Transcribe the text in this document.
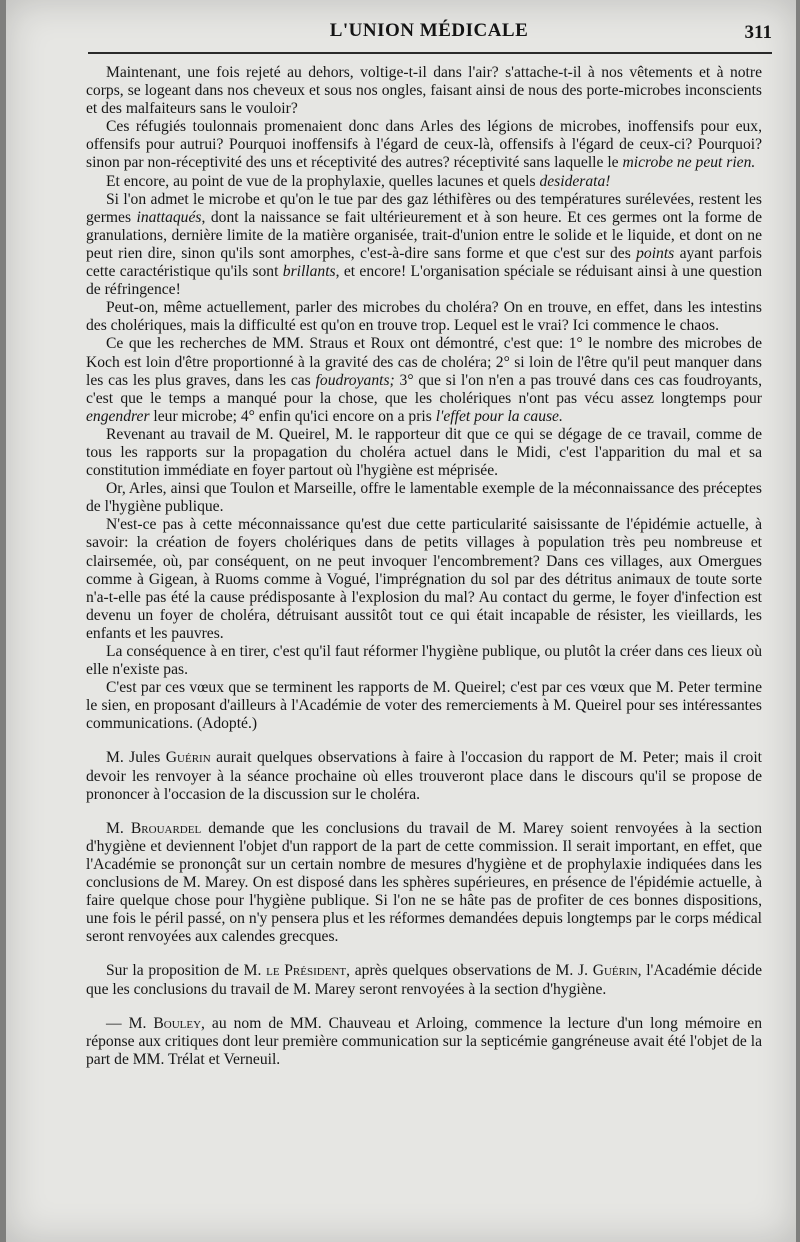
L'UNION MÉDICALE	311

Maintenant, une fois rejeté au dehors, voltige-t-il dans l'air? s'attache-t-il à nos vêtements et à notre corps, se logeant dans nos cheveux et sous nos ongles, faisant ainsi de nous des porte-microbes inconscients et des malfaiteurs sans le vouloir?

Ces réfugiés toulonnais promenaient donc dans Arles des légions de microbes, inoffensifs pour eux, offensifs pour autrui? Pourquoi inoffensifs à l'égard de ceux-là, offensifs à l'égard de ceux-ci? Pourquoi? sinon par non-réceptivité des uns et réceptivité des autres? réceptivité sans laquelle le microbe ne peut rien.

Et encore, au point de vue de la prophylaxie, quelles lacunes et quels desiderata!

Si l'on admet le microbe et qu'on le tue par des gaz léthifères ou des températures surélevées, restent les germes inattaqués, dont la naissance se fait ultérieurement et à son heure. Et ces germes ont la forme de granulations, dernière limite de la matière organisée, trait-d'union entre le solide et le liquide, et dont on ne peut rien dire, sinon qu'ils sont amorphes, c'est-à-dire sans forme et que c'est sur des points ayant parfois cette caractéristique qu'ils sont brillants, et encore! L'organisation spéciale se réduisant ainsi à une question de réfringence!

Peut-on, même actuellement, parler des microbes du choléra? On en trouve, en effet, dans les intestins des cholériques, mais la difficulté est qu'on en trouve trop. Lequel est le vrai? Ici commence le chaos.

Ce que les recherches de MM. Straus et Roux ont démontré, c'est que: 1° le nombre des microbes de Koch est loin d'être proportionné à la gravité des cas de choléra; 2° si loin de l'être qu'il peut manquer dans les cas les plus graves, dans les cas foudroyants; 3° que si l'on n'en a pas trouvé dans ces cas foudroyants, c'est que le temps a manqué pour la chose, que les cholériques n'ont pas vécu assez longtemps pour engendrer leur microbe; 4° enfin qu'ici encore on a pris l'effet pour la cause.

Revenant au travail de M. Queirel, M. le rapporteur dit que ce qui se dégage de ce travail, comme de tous les rapports sur la propagation du choléra actuel dans le Midi, c'est l'apparition du mal et sa constitution immédiate en foyer partout où l'hygiène est méprisée.

Or, Arles, ainsi que Toulon et Marseille, offre le lamentable exemple de la méconnaissance des préceptes de l'hygiène publique.

N'est-ce pas à cette méconnaissance qu'est due cette particularité saisissante de l'épidémie actuelle, à savoir: la création de foyers cholériques dans de petits villages à population très peu nombreuse et clairsemée, où, par conséquent, on ne peut invoquer l'encombrement? Dans ces villages, aux Omergues comme à Gigean, à Ruoms comme à Vogué, l'imprégnation du sol par des détritus animaux de toute sorte n'a-t-elle pas été la cause prédisposante à l'explosion du mal? Au contact du germe, le foyer d'infection est devenu un foyer de choléra, détruisant aussitôt tout ce qui était incapable de résister, les vieillards, les enfants et les pauvres.

La conséquence à en tirer, c'est qu'il faut réformer l'hygiène publique, ou plutôt la créer dans ces lieux où elle n'existe pas.

C'est par ces vœux que se terminent les rapports de M. Queirel; c'est par ces vœux que M. Peter termine le sien, en proposant d'ailleurs à l'Académie de voter des remerciements à M. Queirel pour ses intéressantes communications. (Adopté.)

M. Jules Guérin aurait quelques observations à faire à l'occasion du rapport de M. Peter; mais il croit devoir les renvoyer à la séance prochaine où elles trouveront place dans le discours qu'il se propose de prononcer à l'occasion de la discussion sur le choléra.

M. Brouardel demande que les conclusions du travail de M. Marey soient renvoyées à la section d'hygiène et deviennent l'objet d'un rapport de la part de cette commission. Il serait important, en effet, que l'Académie se prononçât sur un certain nombre de mesures d'hygiène et de prophylaxie indiquées dans les conclusions de M. Marey. On est disposé dans les sphères supérieures, en présence de l'épidémie actuelle, à faire quelque chose pour l'hygiène publique. Si l'on ne se hâte pas de profiter de ces bonnes dispositions, une fois le péril passé, on n'y pensera plus et les réformes demandées depuis longtemps par le corps médical seront renvoyées aux calendes grecques.

Sur la proposition de M. le Président, après quelques observations de M. J. Guérin, l'Académie décide que les conclusions du travail de M. Marey seront renvoyées à la section d'hygiène.

— M. Bouley, au nom de MM. Chauveau et Arloing, commence la lecture d'un long mémoire en réponse aux critiques dont leur première communication sur la septicémie gangréneuse avait été l'objet de la part de MM. Trélat et Verneuil.
